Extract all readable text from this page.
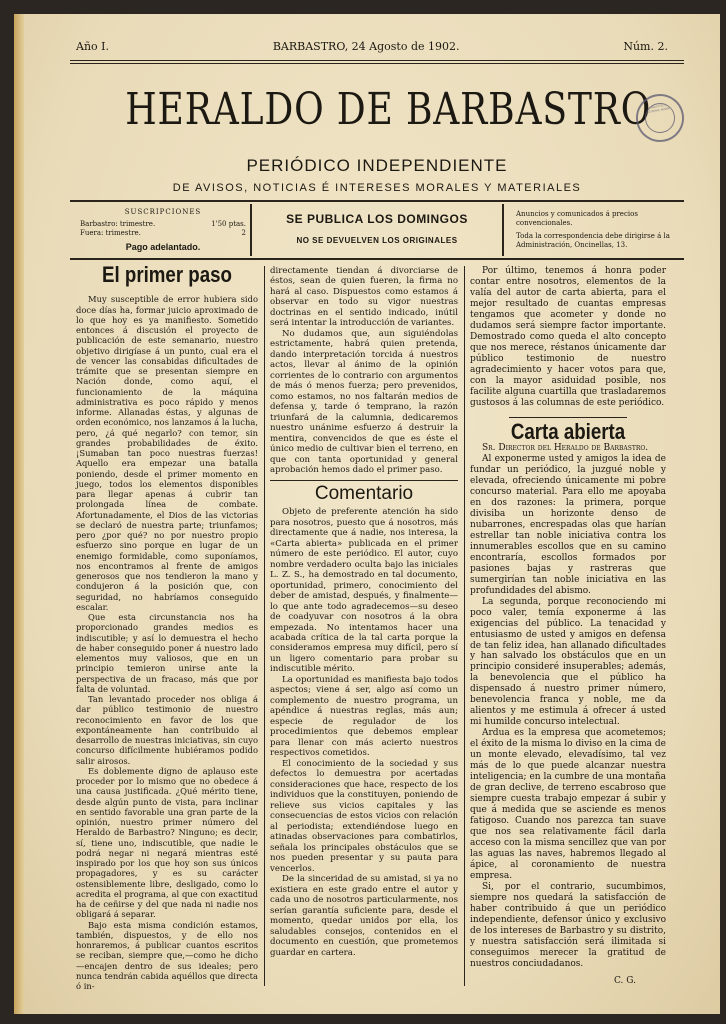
Año I.	BARBASTRO, 24 Agosto de 1902.	Núm. 2.
HERALDO DE BARBASTRO
BIBLIOTECA NACIONAL MADRID
PERIÓDICO INDEPENDIENTE
DE AVISOS, NOTICIAS É INTERESES MORALES Y MATERIALES
SUSCRIPCIONES
Barbastro: trimestre.	1'50 ptas.
Fuera: trimestre.	2
Pago adelantado.
SE PUBLICA LOS DOMINGOS
NO SE DEVUELVEN LOS ORIGINALES

Anuncios y comunicados á precios convencionales.

Toda la correspondencia debe dirigirse á la Administración, Oncinellas, 13.

El primer paso

Muy susceptible de error hubiera sido doce días ha, formar juicio aproximado de lo que hoy es ya manifiesto. Sometido entonces á discusión el proyecto de publicación de este semanario, nuestro objetivo dirigíase á un punto, cual era el de vencer las consabidas dificultades de trámite que se presentan siempre en Nación donde, como aquí, el funcionamiento de la máquina administrativa es poco rápido y menos informe. Allanadas éstas, y algunas de orden económico, nos lanzamos á la lucha, pero, ¿á qué negarlo? con temor, sin grandes probabilidades de éxito. ¡Sumaban tan poco nuestras fuerzas! Aquello era empezar una batalla poniendo, desde el primer momento en juego, todos los elementos disponibles para llegar apenas á cubrir tan prolongada línea de combate. Afortunadamente, el Dios de las victorias se declaró de nuestra parte; triunfamos; pero ¿por qué? no por nuestro propio esfuerzo sino porque en lugar de un enemigo formidable, como suponíamos, nos encontramos al frente de amigos generosos que nos tendieron la mano y condujeron á la posición que, con seguridad, no habríamos conseguido escalar.

Que esta circunstancia nos ha proporcionado grandes medios es indiscutible; y así lo demuestra el hecho de haber conseguido poner á nuestro lado elementos muy valiosos, que en un principio temieron unirse ante la perspectiva de un fracaso, más que por falta de voluntad.

Tan levantado proceder nos obliga á dar público testimonio de nuestro reconocimiento en favor de los que expontáneamente han contribuido al desarrollo de nuestras iniciativas, sin cuyo concurso difícilmente hubiéramos podido salir airosos.

Es doblemente digno de aplauso este proceder por lo mismo que no obedece á una causa justificada. ¿Qué mérito tiene, desde algún punto de vista, para inclinar en sentido favorable una gran parte de la opinión, nuestro primer número del Heraldo de Barbastro? Ninguno; es decir, sí, tiene uno, indiscutible, que nadie le podrá negar ni negará mientras esté inspirado por los que hoy son sus únicos propagadores, y es su carácter ostensiblemente libre, desligado, como lo acredita el programa, al que con exactitud ha de ceñirse y del que nada ni nadie nos obligará á separar.

Bajo esta misma condición estamos, también, dispuestos, y de ello nos honraremos, á publicar cuantos escritos se reciban, siempre que,—como he dicho—encajen dentro de sus ideales; pero nunca tendrán cabida aquéllos que directa ó in-

directamente tiendan á divorciarse de éstos, sean de quien fueren, la firma no hará al caso. Dispuestos como estamos á observar en todo su vigor nuestras doctrinas en el sentido indicado, inútil será intentar la introducción de variantes.

No dudamos que, aun siguiéndolas estrictamente, habrá quien pretenda, dando interpretación torcida á nuestros actos, llevar al ánimo de la opinión corrientes de lo contrario con argumentos de más ó menos fuerza; pero prevenidos, como estamos, no nos faltarán medios de defensa y, tarde ó temprano, la razón triunfará de la calumnia, dedicaremos nuestro unánime esfuerzo á destruir la mentira, convencidos de que es éste el único medio de cultivar bien el terreno, en que con tanta oportunidad y general aprobación hemos dado el primer paso.

Comentario

Objeto de preferente atención ha sido para nosotros, puesto que á nosotros, más directamente que á nadie, nos interesa, la «Carta abierta» publicada en el primer número de este periódico. El autor, cuyo nombre verdadero oculta bajo las iniciales L. Z. S., ha demostrado en tal documento, oportunidad, primero, conocimiento del deber de amistad, después, y finalmente—lo que ante todo agradecemos—su deseo de coadyuvar con nosotros á la obra empezada. No intentamos hacer una acabada crítica de la tal carta porque la consideramos empresa muy difícil, pero sí un ligero comentario para probar su indiscutible mérito.

La oportunidad es manifiesta bajo todos aspectos; viene á ser, algo así como un complemento de nuestro programa, un apéndice á nuestras reglas, más aun; especie de regulador de los procedimientos que debemos emplear para llenar con más acierto nuestros respectivos cometidos.

El conocimiento de la sociedad y sus defectos lo demuestra por acertadas consideraciones que hace, respecto de los individuos que la constituyen, poniendo de relieve sus vicios capitales y las consecuencias de estos vicios con relación al periodista; extendiéndose luego en atinadas observaciones para combatirlos, señala los principales obstáculos que se nos pueden presentar y su pauta para vencerlos.

De la sinceridad de su amistad, si ya no existiera en este grado entre el autor y cada uno de nosotros particularmente, nos serían garantía suficiente para, desde el momento, quedar unidos por ella, los saludables consejos, contenidos en el documento en cuestión, que prometemos guardar en cartera.

Por último, tenemos á honra poder contar entre nosotros, elementos de la valía del autor de carta abierta, para el mejor resultado de cuantas empresas tengamos que acometer y donde no dudamos será siempre factor importante. Demostrado como queda el alto concepto que nos merece, réstanos únicamente dar público testimonio de nuestro agradecimiento y hacer votos para que, con la mayor asiduidad posible, nos facilite alguna cuartilla que trasladaremos gustosos á las columnas de este periódico.

Carta abierta

Sr. Director del Heraldo de Barbastro.

Al exponerme usted y amigos la idea de fundar un periódico, la juzgué noble y elevada, ofreciendo únicamente mi pobre concurso material. Para ello me apoyaba en dos razones: la primera, porque divisiba un horizonte denso de nubarrones, encrespadas olas que harían estrellar tan noble iniciativa contra los innumerables escollos que en su camino encontraría, escollos formados por pasiones bajas y rastreras que sumergirían tan noble iniciativa en las profundidades del abismo.

La segunda, porque reconociendo mi poco valer, temía exponerme á las exigencias del público. La tenacidad y entusiasmo de usted y amigos en defensa de tan feliz idea, han allanado dificultades y han salvado los obstáculos que en un principio consideré insuperables; además, la benevolencia que el público ha dispensado á nuestro primer número, benevolencia franca y noble, me da alientos y me estimula á ofrecer á usted mi humilde concurso intelectual.

Ardua es la empresa que acometemos; el éxito de la misma lo diviso en la cima de un monte elevado, elevadísimo, tal vez más de lo que puede alcanzar nuestra inteligencia; en la cumbre de una montaña de gran declive, de terreno escabroso que siempre cuesta trabajo empezar á subir y que á medida que se asciende es menos fatigoso. Cuando nos parezca tan suave que nos sea relativamente fácil darla acceso con la misma sencillez que van por las aguas las naves, habremos llegado al ápice, al coronamiento de nuestra empresa.

Si, por el contrario, sucumbimos, siempre nos quedará la satisfacción de haber contribuido á que un periódico independiente, defensor único y exclusivo de los intereses de Barbastro y su distrito, y nuestra satisfacción será ilimitada si conseguimos merecer la gratitud de nuestros conciudadanos.

C. G.
